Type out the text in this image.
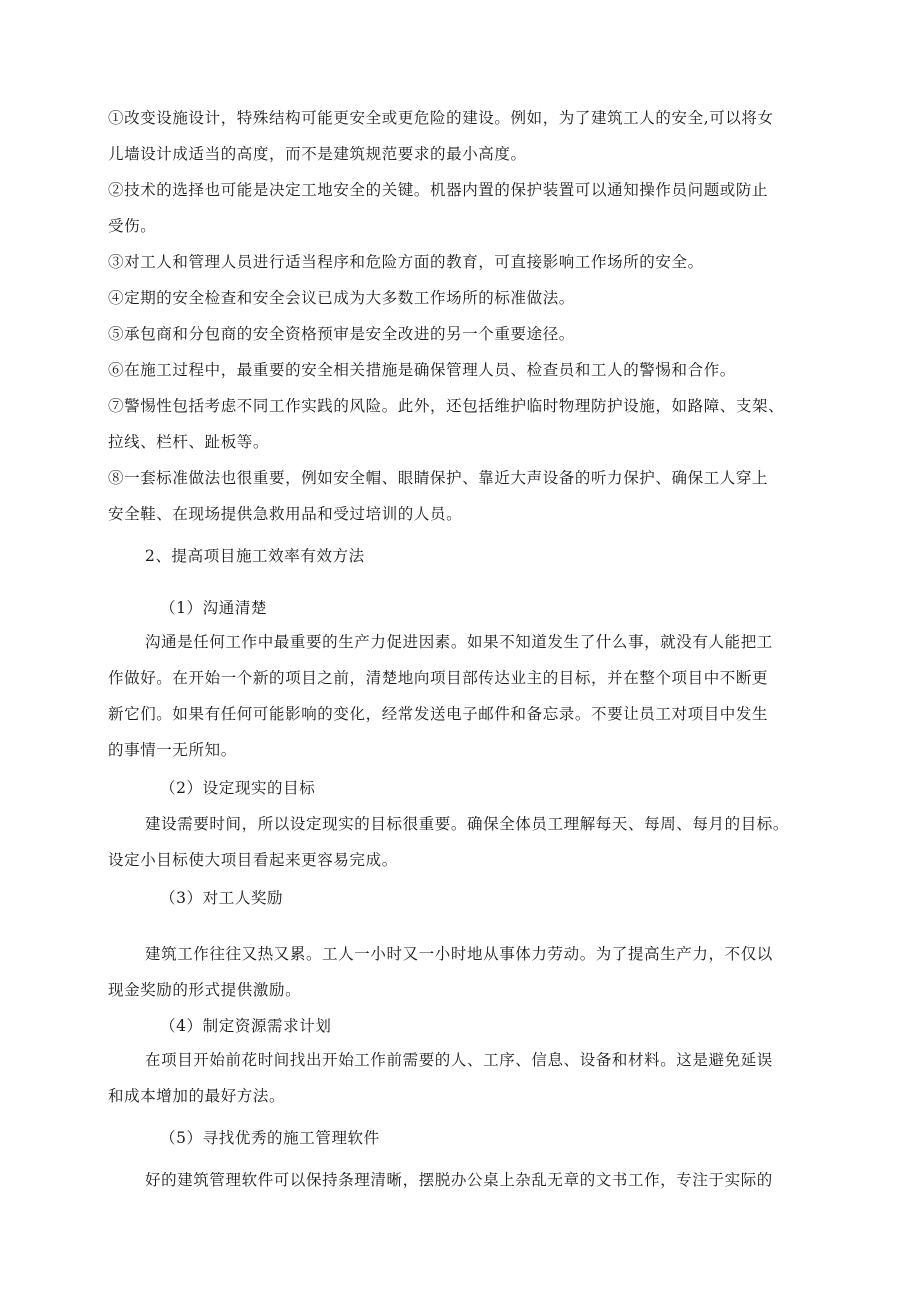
①改变设施设计，特殊结构可能更安全或更危险的建设。例如，为了建筑工人的安全,可以将女
儿墙设计成适当的高度，而不是建筑规范要求的最小高度。
②技术的选择也可能是决定工地安全的关键。机器内置的保护装置可以通知操作员问题或防止
受伤。
③对工人和管理人员进行适当程序和危险方面的教育，可直接影响工作场所的安全。
④定期的安全检查和安全会议已成为大多数工作场所的标准做法。
⑤承包商和分包商的安全资格预审是安全改进的另一个重要途径。
⑥在施工过程中，最重要的安全相关措施是确保管理人员、检查员和工人的警惕和合作。
⑦警惕性包括考虑不同工作实践的风险。此外，还包括维护临时物理防护设施，如路障、支架、
拉线、栏杆、趾板等。
⑧一套标准做法也很重要，例如安全帽、眼睛保护、靠近大声设备的听力保护、确保工人穿上
安全鞋、在现场提供急救用品和受过培训的人员。
2、提高项目施工效率有效方法
（1）沟通清楚
沟通是任何工作中最重要的生产力促进因素。如果不知道发生了什么事，就没有人能把工
作做好。在开始一个新的项目之前，清楚地向项目部传达业主的目标，并在整个项目中不断更
新它们。如果有任何可能影响的变化，经常发送电子邮件和备忘录。不要让员工对项目中发生
的事情一无所知。
（2）设定现实的目标
建设需要时间，所以设定现实的目标很重要。确保全体员工理解每天、每周、每月的目标。
设定小目标使大项目看起来更容易完成。
（3）对工人奖励
建筑工作往往又热又累。工人一小时又一小时地从事体力劳动。为了提高生产力，不仅以
现金奖励的形式提供激励。
（4）制定资源需求计划
在项目开始前花时间找出开始工作前需要的人、工序、信息、设备和材料。这是避免延误
和成本增加的最好方法。
（5）寻找优秀的施工管理软件
好的建筑管理软件可以保持条理清晰，摆脱办公桌上杂乱无章的文书工作，专注于实际的
